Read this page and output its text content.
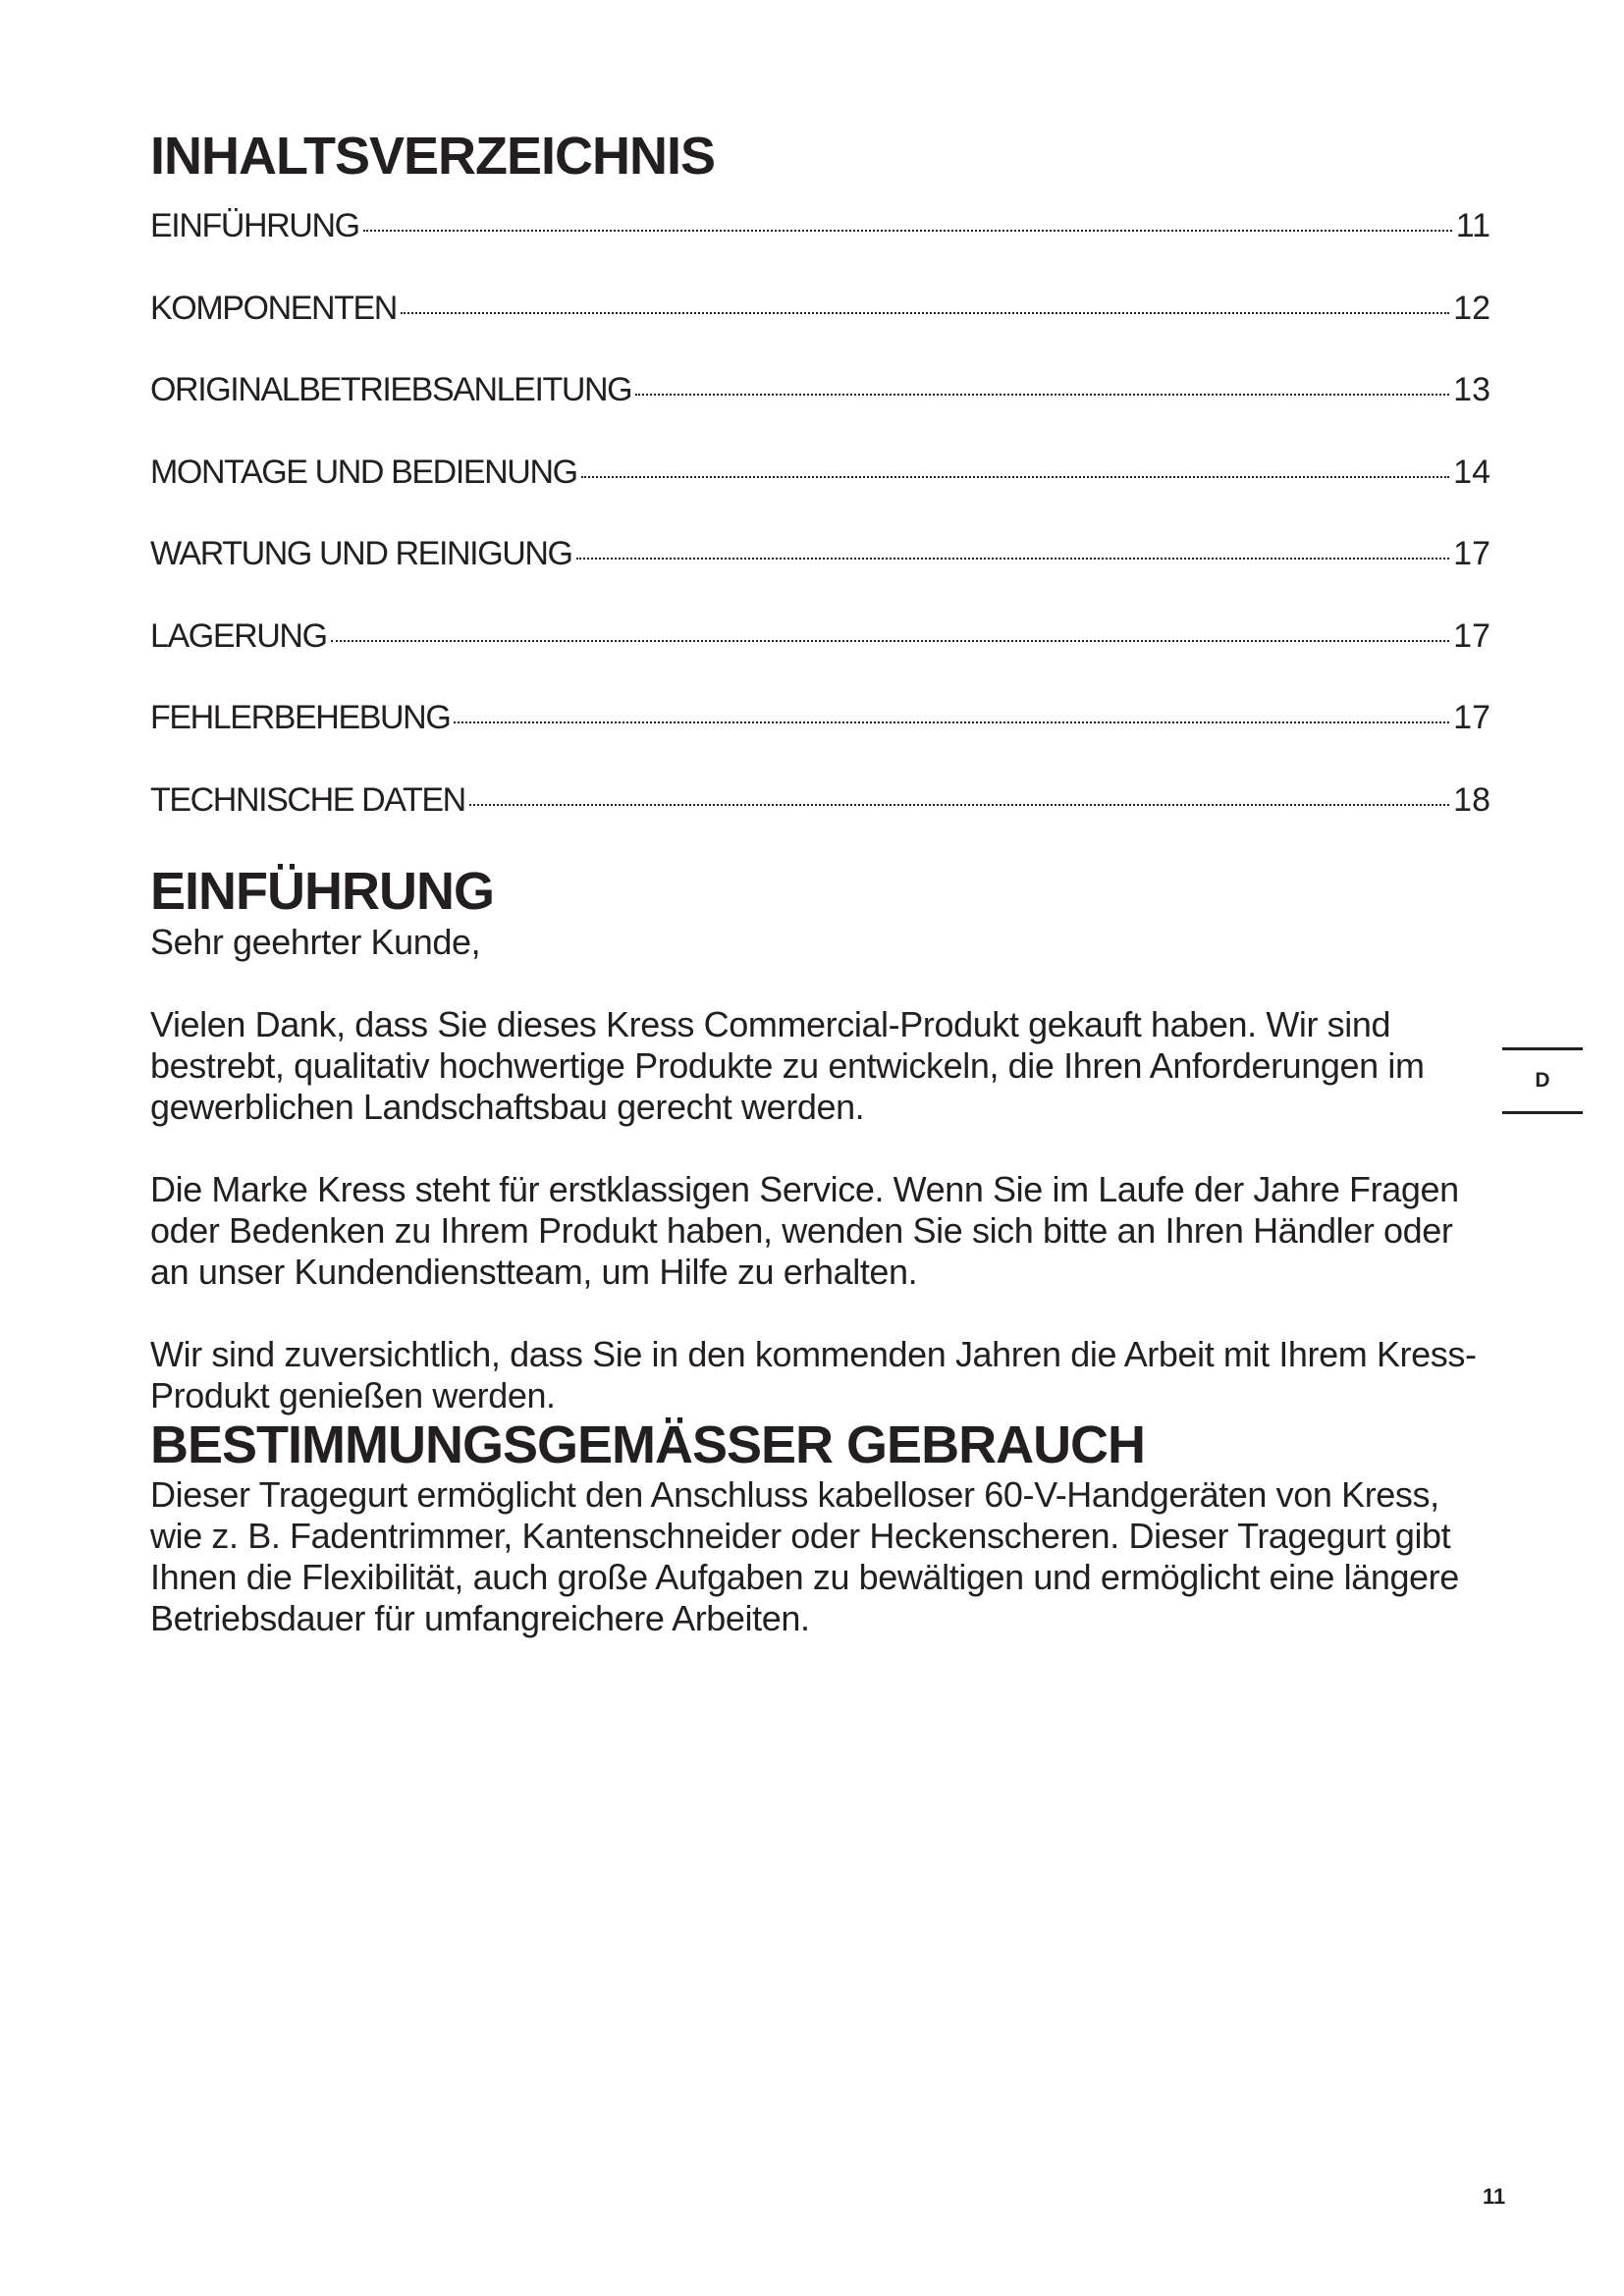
INHALTSVERZEICHNIS
EINFÜHRUNG	11
KOMPONENTEN	12
ORIGINALBETRIEBSANLEITUNG	13
MONTAGE UND BEDIENUNG	14
WARTUNG UND REINIGUNG	17
LAGERUNG	17
FEHLERBEHEBUNG	17
TECHNISCHE DATEN	18
EINFÜHRUNG

Sehr geehrter Kunde,

Vielen Dank, dass Sie dieses Kress Commercial-Produkt gekauft haben. Wir sind bestrebt, qualitativ hochwertige Produkte zu entwickeln, die Ihren Anforderungen im gewerblichen Landschaftsbau gerecht werden.

Die Marke Kress steht für erstklassigen Service. Wenn Sie im Laufe der Jahre Fragen oder Bedenken zu Ihrem Produkt haben, wenden Sie sich bitte an Ihren Händler oder an unser Kundendienstteam, um Hilfe zu erhalten.

Wir sind zuversichtlich, dass Sie in den kommenden Jahren die Arbeit mit Ihrem Kress-Produkt genießen werden.

BESTIMMUNGSGEMÄSSER GEBRAUCH

Dieser Tragegurt ermöglicht den Anschluss kabelloser 60-V-Handgeräten von Kress, wie z. B. Fadentrimmer, Kantenschneider oder Heckenscheren. Dieser Tragegurt gibt Ihnen die Flexibilität, auch große Aufgaben zu bewältigen und ermöglicht eine längere Betriebsdauer für umfangreichere Arbeiten.

D
11
